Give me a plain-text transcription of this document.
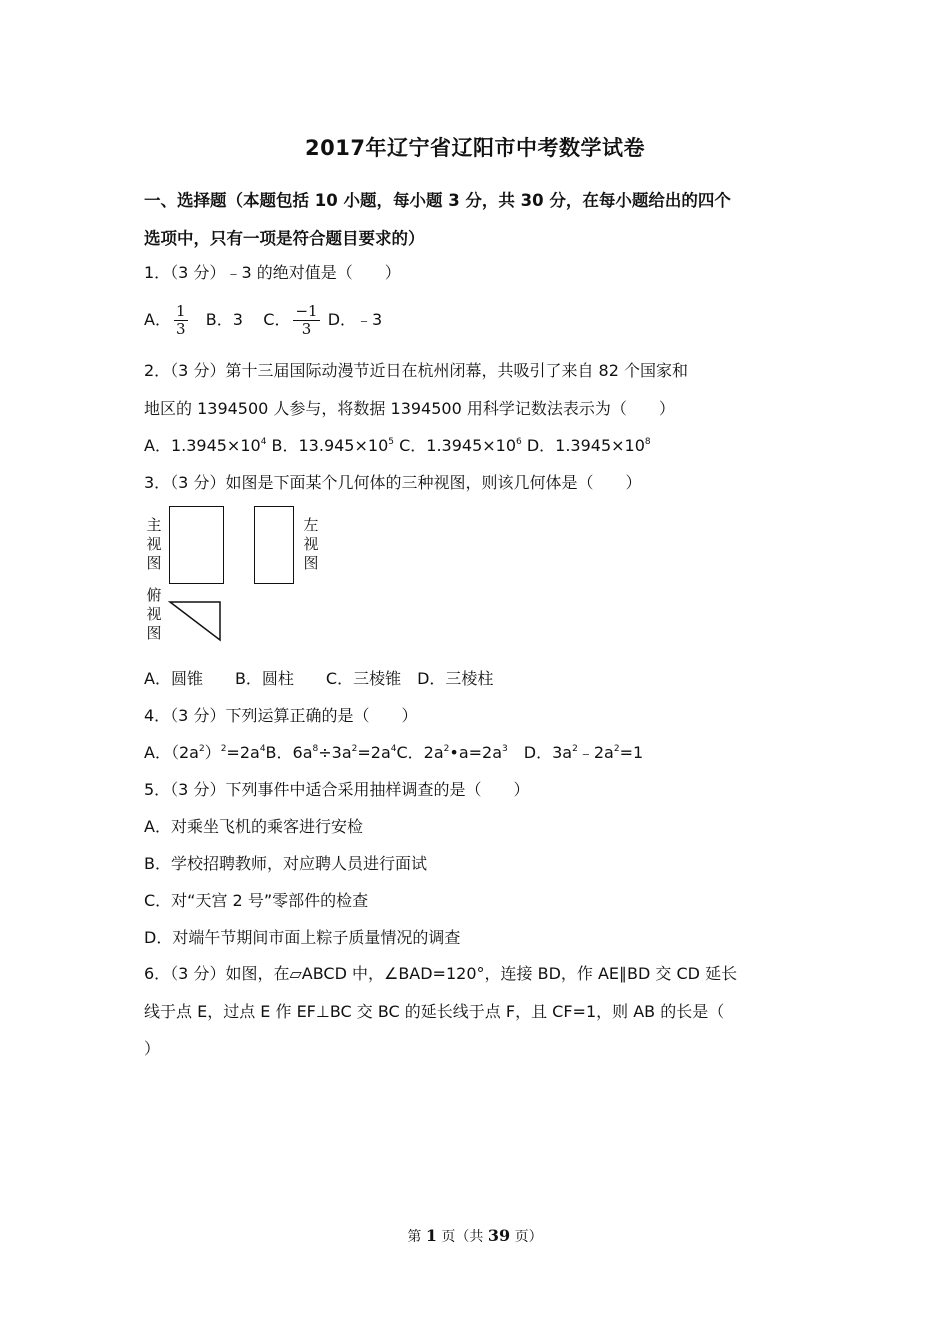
2017年辽宁省辽阳市中考数学试卷
一、选择题（本题包括 10 小题，每小题 3 分，共 30 分，在每小题给出的四个
选项中，只有一项是符合题目要求的）
1．（3 分）﹣3 的绝对值是（　　）
A． $\frac{1}{3}$ B．3 C． $\frac{-1}{3}$ D．﹣3
2．（3 分）第十三届国际动漫节近日在杭州闭幕，共吸引了来自 82 个国家和
地区的 1394500 人参与，将数据 1394500 用科学记数法表示为（　　）
A．$1.3945\times 10^4$ B．$13.945\times 10^5$ C．$1.3945\times 10^6$ D．$1.3945\times 10^8$
3．（3 分）如图是下面某个几何体的三种视图，则该几何体是（　　）
主视图
左视图
俯视图
A．圆锥　　B．圆柱　　C．三棱锥　D．三棱柱
4．（3 分）下列运算正确的是（　　）
A．$(2a^2)^2=2a^4B$．$6a^8\div 3a^2=2a^4C$．$2a^2•a=2a^3$　D．$3a^2﹣2a^2=1$
5．（3 分）下列事件中适合采用抽样调查的是（　　）
A．对乘坐飞机的乘客进行安检
B．学校招聘教师，对应聘人员进行面试
C．对“天宫 2 号”零部件的检查
D．对端午节期间市面上粽子质量情况的调查
6．（3 分）如图，在▱ABCD 中，∠BAD=120°，连接 BD，作 AE∥BD 交 CD 延长
线于点 E，过点 E 作 EF⊥BC 交 BC 的延长线于点 F，且 CF=1，则 AB 的长是（
）
第 1 页（共 39 页）
